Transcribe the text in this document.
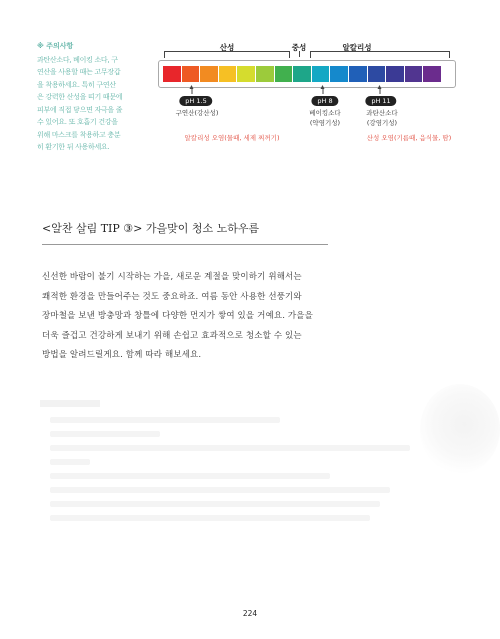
※ 주의사항
과탄산소다, 베이킹 소다, 구
연산을 사용할 때는 고무장갑
을 착용하세요. 특히 구연산
은 강력한 산성을 띠기 때문에
피부에 직접 닿으면 자극을 줄
수 있어요. 또 호흡기 건강을
위해 마스크를 착용하고 충분
히 환기한 뒤 사용하세요.
산성	중성	알칼리성
pH 1.5	pH 8	pH 11
구연산(강산성)	베이킹소다
(약염기성)
과탄산소다
(강염기성)
알칼리성 오염(물때, 세제 찌꺼기)	산성 오염(기름때, 음식물, 땀)
<알찬 살림 TIP ③> 가을맞이 청소 노하우름
신선한 바람이 불기 시작하는 가을, 새로운 계절을 맞이하기 위해서는
쾌적한 환경을 만들어주는 것도 중요하죠. 여름 동안 사용한 선풍기와
장마철을 보낸 방충망과 창틀에 다양한 먼지가 쌓여 있을 거예요. 가을을
더욱 즐겁고 건강하게 보내기 위해 손쉽고 효과적으로 청소할 수 있는
방법을 알려드릴게요. 함께 따라 해보세요.
224
